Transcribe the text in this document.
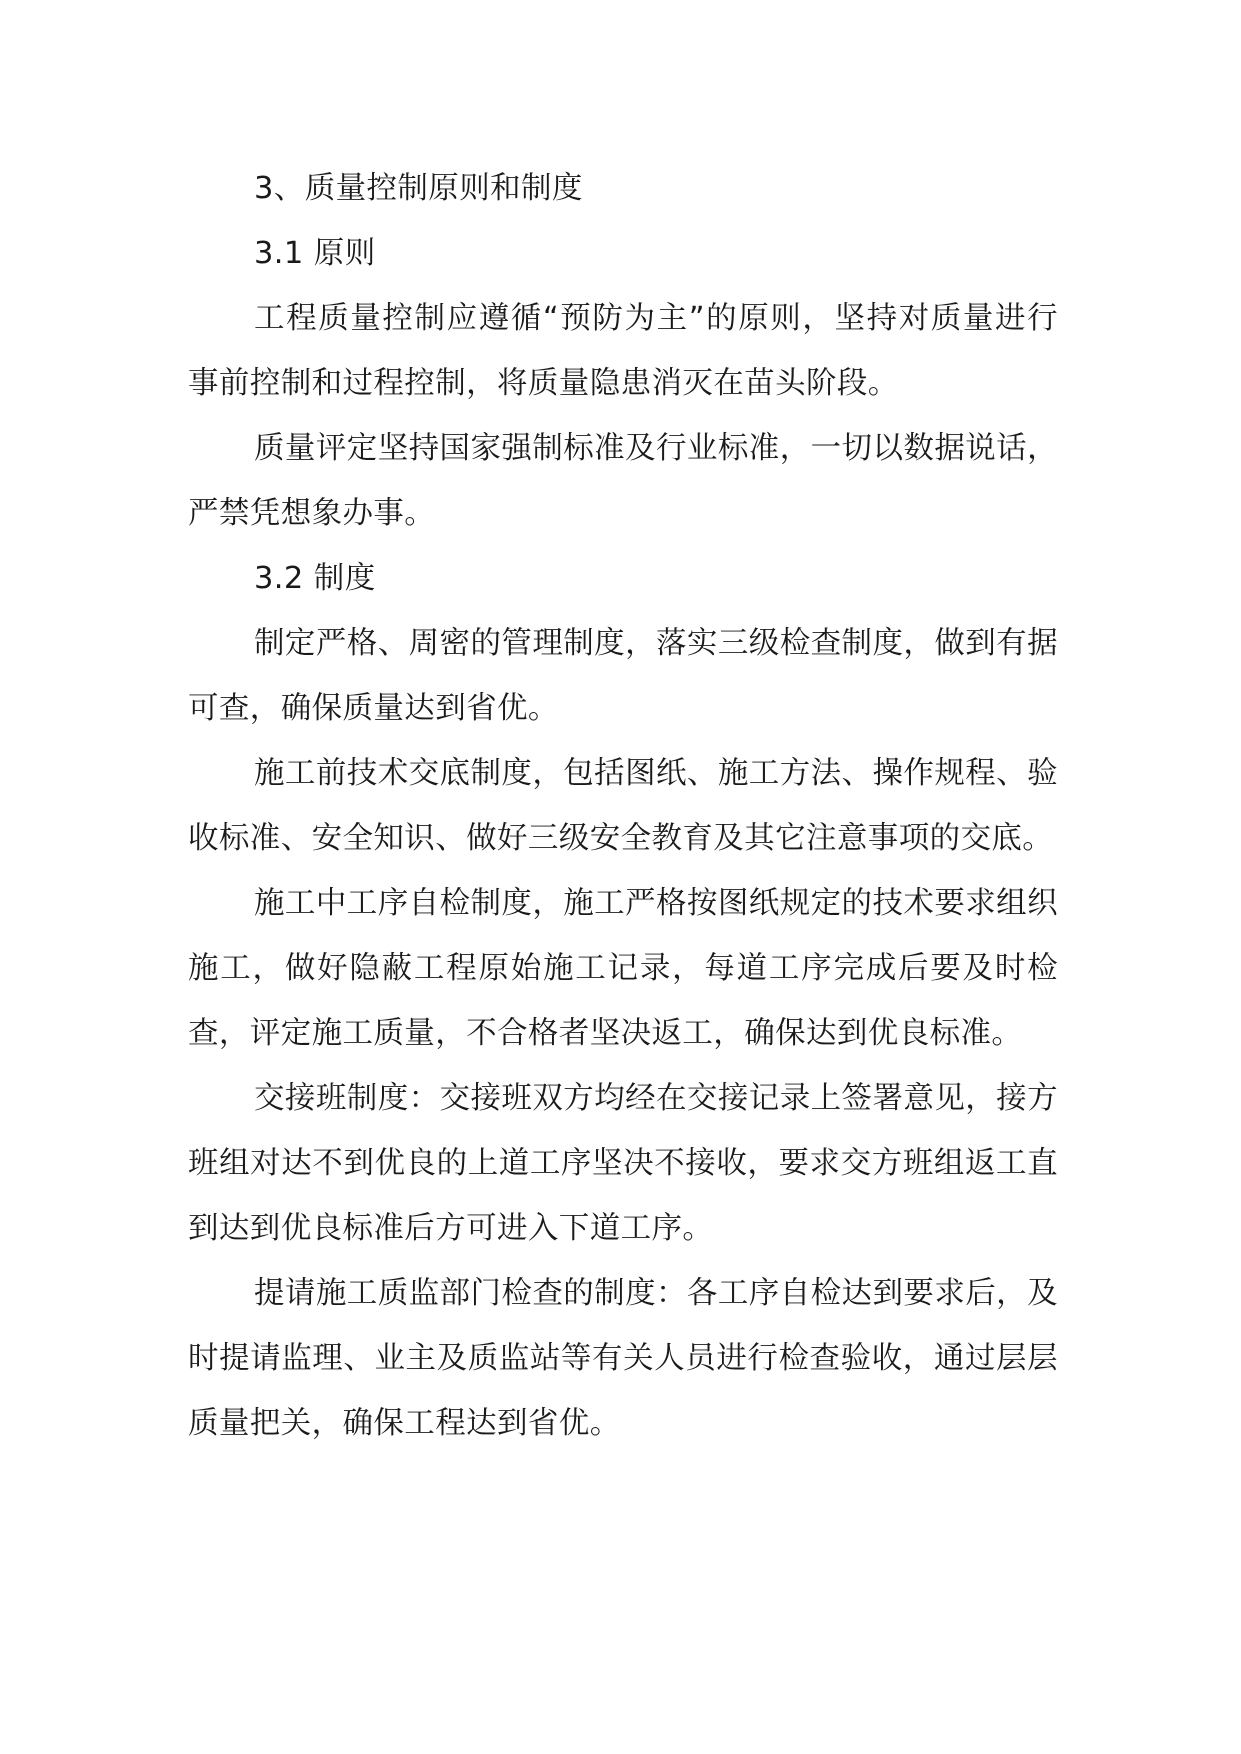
3、质量控制原则和制度

3.1 原则

工程质量控制应遵循“预防为主”的原则，坚持对质量进行事前控制和过程控制，将质量隐患消灭在苗头阶段。

质量评定坚持国家强制标准及行业标准，一切以数据说话，严禁凭想象办事。

3.2 制度

制定严格、周密的管理制度，落实三级检查制度，做到有据可查，确保质量达到省优。

施工前技术交底制度，包括图纸、施工方法、操作规程、验收标准、安全知识、做好三级安全教育及其它注意事项的交底。

施工中工序自检制度，施工严格按图纸规定的技术要求组织施工，做好隐蔽工程原始施工记录，每道工序完成后要及时检查，评定施工质量，不合格者坚决返工，确保达到优良标准。

交接班制度：交接班双方均经在交接记录上签署意见，接方班组对达不到优良的上道工序坚决不接收，要求交方班组返工直到达到优良标准后方可进入下道工序。

提请施工质监部门检查的制度：各工序自检达到要求后，及时提请监理、业主及质监站等有关人员进行检查验收，通过层层质量把关，确保工程达到省优。
